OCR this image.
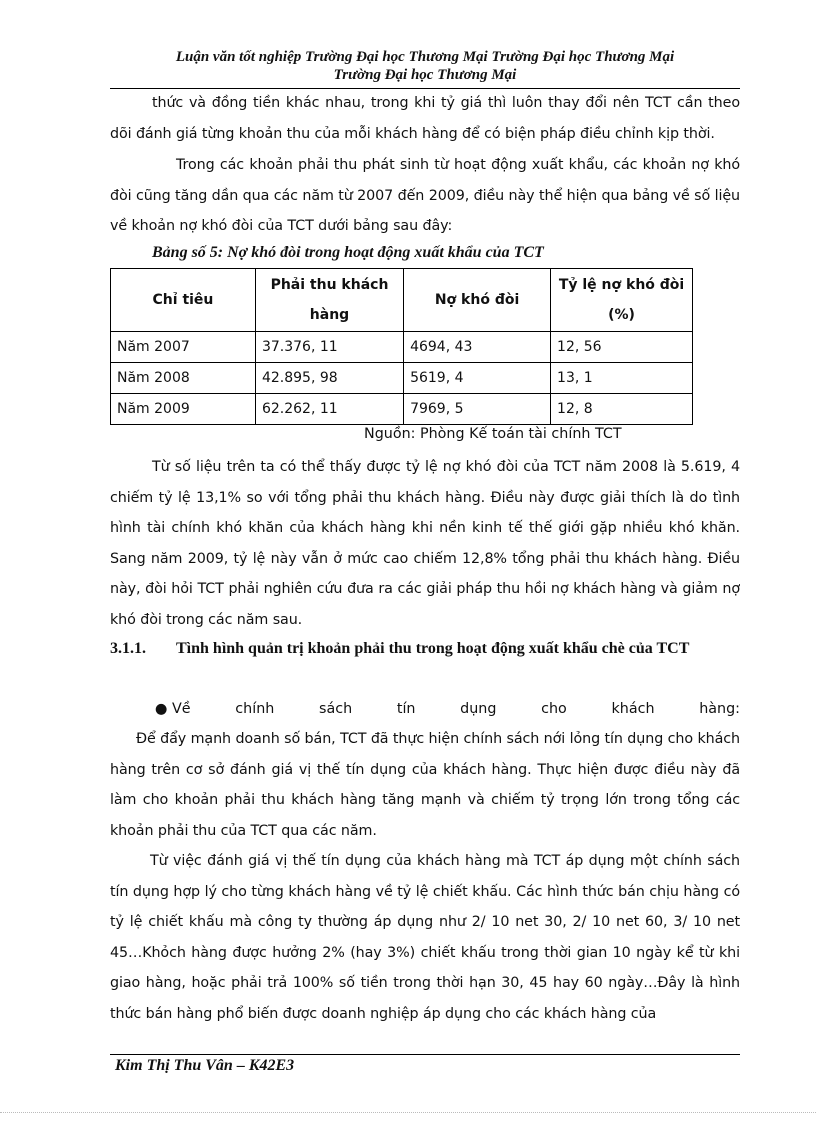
Luận văn tốt nghiệp Trường Đại học Thương Mại Trường Đại học Thương Mại
Trường Đại học Thương Mại

thức và đồng tiền khác nhau, trong khi tỷ giá thì luôn thay đổi nên TCT cần theo dõi đánh giá từng khoản thu của mỗi khách hàng để có biện pháp điều chỉnh kịp thời.

Trong các khoản phải thu phát sinh từ hoạt động xuất khẩu, các khoản nợ khó đòi cũng tăng dần qua các năm từ 2007 đến 2009, điều này thể hiện qua bảng về số liệu về khoản nợ khó đòi của TCT dưới bảng sau đây:

Bảng số 5: Nợ khó đòi trong hoạt động xuất khẩu của TCT
Chỉ tiêu	Phải thu khách hàng	Nợ khó đòi	Tỷ lệ nợ khó đòi (%)
Năm 2007	37.376, 11	4694, 43	12, 56
Năm 2008	42.895, 98	5619, 4	13, 1
Năm 2009	62.262, 11	7969, 5	12, 8
Nguồn: Phòng Kế toán tài chính TCT

Từ số liệu trên ta có thể thấy được tỷ lệ nợ khó đòi của TCT năm 2008 là 5.619, 4 chiếm tỷ lệ 13,1% so với tổng phải thu khách hàng. Điều này được giải thích là do tình hình tài chính khó khăn của khách hàng khi nền kinh tế thế giới gặp nhiều khó khăn. Sang năm 2009, tỷ lệ này vẫn ở mức cao chiếm 12,8% tổng phải thu khách hàng. Điều này, đòi hỏi TCT phải nghiên cứu đưa ra các giải pháp thu hồi nợ khách hàng và giảm nợ khó đòi trong các năm sau.

3.1.1. Tình hình quản trị khoản phải thu trong hoạt động xuất khẩu chè của TCT
● Về	chính	sách	tín	dụng	cho	khách	hàng:

Để đẩy mạnh doanh số bán, TCT đã thực hiện chính sách nới lỏng tín dụng cho khách hàng trên cơ sở đánh giá vị thế tín dụng của khách hàng. Thực hiện được điều này đã làm cho khoản phải thu khách hàng tăng mạnh và chiếm tỷ trọng lớn trong tổng các khoản phải thu của TCT qua các năm.

Từ việc đánh giá vị thế tín dụng của khách hàng mà TCT áp dụng một chính sách tín dụng hợp lý cho từng khách hàng về tỷ lệ chiết khấu. Các hình thức bán chịu hàng có tỷ lệ chiết khấu mà công ty thường áp dụng như 2/ 10 net 30, 2/ 10 net 60, 3/ 10 net 45…Khỏch hàng được hưởng 2% (hay 3%) chiết khấu trong thời gian 10 ngày kể từ khi giao hàng, hoặc phải trả 100% số tiền trong thời hạn 30, 45 hay 60 ngày…Đây là hình thức bán hàng phổ biến được doanh nghiệp áp dụng cho các khách hàng của

Kim Thị Thu Vân – K42E3
